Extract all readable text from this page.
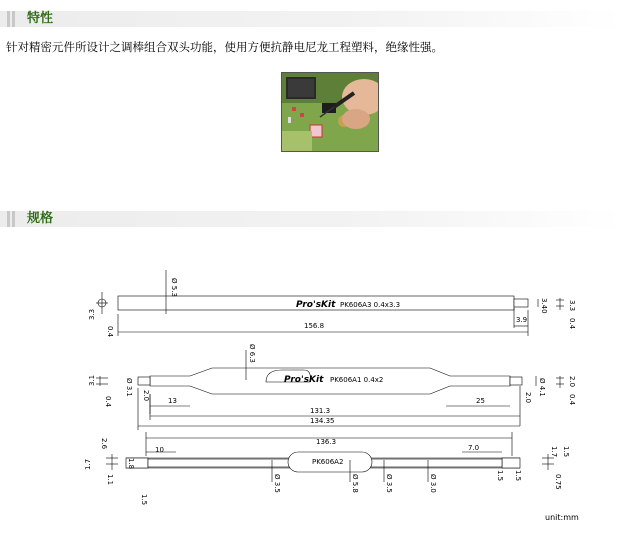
特性
针对精密元件所设计之调棒组合双头功能，使用方便抗静电尼龙工程塑料，绝缘性强。
规格
Pro'sKit PK606A3 0.4x3.3
Ø 5.3
156.8
3.9
3.3
0.4
3.40	3.3
0.4
Pro'sKit PK606A1 0.4x2
Ø 6.3
131.3
134.35
13	25
Ø 3.1	Ø 4.1
3.1
0.4
2.0	2.0
2.0
0.4
PK606A2
136.3
10	7.0
2.6
1.7
1.1
1.8
1.5
Ø 3.5	Ø 5.8	Ø 3.5	Ø 3.0	1.5 1.5
1.7 1.5
0.75
unit:mm
